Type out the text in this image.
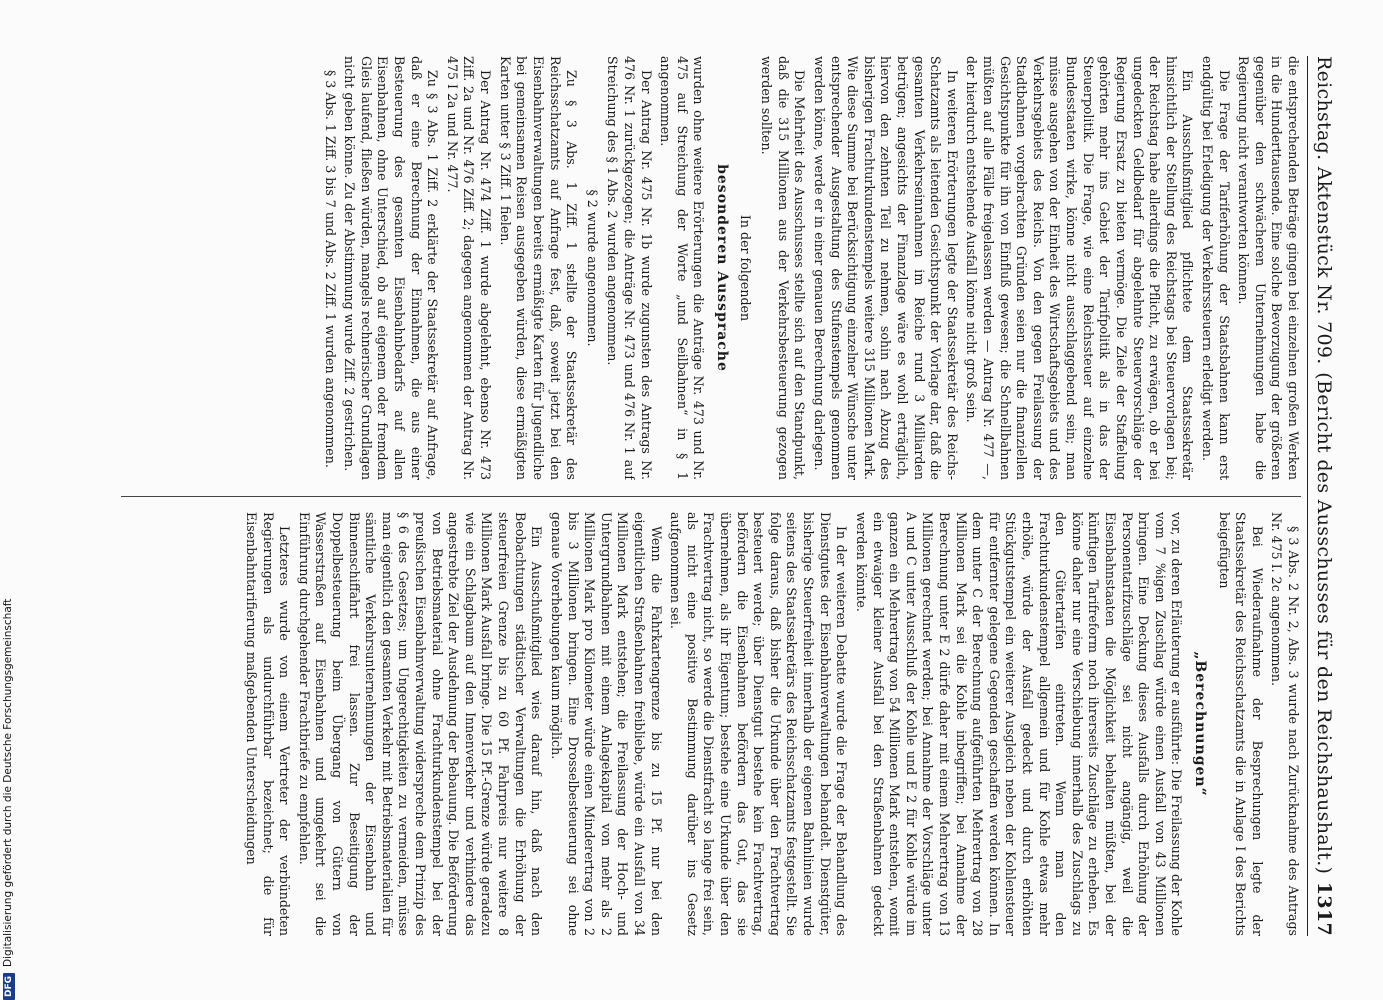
Reichstag. Aktenstück Nr. 709.
(Bericht des Ausschusses für den Reichshaushalt.)
1317

die entsprechenden Beträge gingen bei einzelnen großen Werken in die Hunderttausende. Eine solche Bevorzugung der größeren gegenüber den schwächeren Unternehmungen habe die Regierung nicht verantworten können.

Die Frage der Tariferhöhung der Staatsbahnen kann erst endgültig bei Erledigung der Verkehrssteuern erledigt werden.

Ein Ausschußmitglied pflichtete dem Staatssekretär hinsichtlich der Stellung des Reichstags bei Steuervorlagen bei; der Reichstag habe allerdings die Pflicht, zu erwägen, ob er bei ungedeckten Geldbedarf für abgelehnte Steuervorschläge der Regierung Ersatz zu bieten vermöge. Die Ziele der Staffelung gehörten mehr ins Gebiet der Tarifpolitik als in das der Steuerpolitik. Die Frage, wie eine Reichssteuer auf einzelne Bundesstaaten wirke, könne nicht ausschlaggebend sein; man müsse ausgehen von der Einheit des Wirtschaftsgebiets und des Verkehrsgebiets des Reichs. Von den gegen Freilassung der Stadtbahnen vorgebrachten Gründen seien nur die finanziellen Gesichtspunkte für ihn von Einfluß gewesen; die Schnellbahnen müßten auf alle Fälle freigelassen werden — Antrag Nr. 477 —, der hierdurch entstehende Ausfall könne nicht groß sein.

In weiteren Erörterungen legte der Staatssekretär des Reichs-Schatzamts als leitenden Gesichtspunkt der Vorlage dar, daß die gesamten Verkehrseinnahmen im Reiche rund 3 Milliarden betrügen; angesichts der Finanzlage wäre es wohl erträglich, hiervon den zehnten Teil zu nehmen, sohin nach Abzug des bisherigen Frachturkundenstempels weitere 315 Millionen Mark. Wie diese Summe bei Berücksichtigung einzelner Wünsche unter entsprechender Ausgestaltung des Stufenstempels genommen werden könne, werde er in einer genauen Berechnung darlegen.

Die Mehrheit des Ausschusses stellte sich auf den Standpunkt, daß die 315 Millionen aus der Verkehrsbesteuerung gezogen werden sollten.

In der folgenden

besonderen Aussprache

wurden ohne weitere Erörterungen die Anträge Nr. 473 und Nr. 475 auf Streichung der Worte „und Seilbahnen“ in § 1 angenommen.

Der Antrag Nr. 475 Nr. 1b wurde zugunsten des Antrags Nr. 476 Nr. 1 zurückgezogen; die Anträge Nr. 473 und 476 Nr. 1 auf Streichung des § 1 Abs. 2 wurden angenommen.

§ 2 wurde angenommen.

Zu § 3 Abs. 1 Ziff. 1 stellte der Staatssekretär des Reichsschatzamts auf Anfrage fest, daß, soweit jetzt bei den Eisenbahnverwaltungen bereits ermäßigte Karten für Jugendliche bei gemeinsamen Reisen ausgegeben würden, diese ermäßigten Karten unter § 3 Ziff. 1 fielen.

Der Antrag Nr. 474 Ziff. 1 wurde abgelehnt, ebenso Nr. 473 Ziff. 2a und Nr. 476 Ziff. 2; dagegen angenommen der Antrag Nr. 475 I 2a und Nr. 477.

Zu § 3 Abs. 1 Ziff. 2 erklärte der Staatssekretär auf Anfrage, daß er eine Berechnung der Einnahmen, die aus einer Besteuerung des gesamten Eisenbahnbedarfs auf allen Eisenbahnen, ohne Unterschied, ob auf eigenem oder fremdem Gleis laufend, fließen würden, mangels rechnerischer Grundlagen nicht geben könne. Zu der Abstimmung wurde Ziff. 2 gestrichen.

§ 3 Abs. 1 Ziff. 3 bis 7 und Abs. 2 Ziff. 1 wurden angenommen.

§ 3 Abs. 2 Nr. 2, Abs. 3 wurde nach Zurücknahme des Antrags Nr. 475 I. 2c angenommen.

Bei Wiederaufnahme der Besprechungen legte der Staatssekretär des Reichsschatzamts die in Anlage I des Berichts beigefügten

„Berechnungen“

vor, zu deren Erläuterung er ausführte: Die Freilassung der Kohle vom 7 %igen Zuschlag würde einen Ausfall von 43 Millionen bringen. Eine Deckung dieses Ausfalls durch Erhöhung der Personentarifzuschläge sei nicht angängig, weil die Eisenbahnstaaten die Möglichkeit behalten müßten, bei der künftigen Tarifreform noch ihrerseits Zuschläge zu erheben. Es könne daher nur eine Verschiebung innerhalb des Zuschlags zu den Gütertarifen eintreten. Wenn man den Frachturkundenstempel allgemein und für Kohle etwas mehr erhöhe, würde der Ausfall gedeckt und durch erhöhten Stückgutstempel ein weiterer Ausgleich neben der Kohlensteuer für entfernter gelegene Gegenden geschaffen werden können. In dem unter C der Berechnung aufgeführten Mehrertrag von 28 Millionen Mark sei die Kohle inbegriffen; bei Annahme der Berechnung unter E 2 dürfe daher mit einem Mehrertrag von 13 Millionen gerechnet werden; bei Annahme der Vorschläge unter A und C unter Ausschluß der Kohle und E 2 für Kohle würde im ganzen ein Mehrertrag von 54 Millionen Mark entstehen, womit ein etwaiger kleiner Ausfall bei den Straßenbahnen gedeckt werden könnte.

In der weiteren Debatte wurde die Frage der Behandlung des Dienstgutes der Eisenbahnverwaltungen behandelt. Dienstgüter, bisherige Steuerfreiheit innerhalb der eigenen Bahnlinien wurde seitens des Staatssekretärs des Reichsschatzamts festgestellt. Sie folge daraus, daß bisher die Urkunde über den Frachtvertrag besteuert werde; über Dienstgut bestehe kein Frachtvertrag, befördern die Eisenbahnen befördern das Gut, das sie übernehmen, als ihr Eigentum; bestehe eine Urkunde über den Frachtvertrag nicht, so werde die Dienstfracht so lange frei sein, als nicht eine positive Bestimmung darüber ins Gesetz aufgenommen sei.

Wenn die Fahrkartengrenze bis zu 15 Pf. nur bei den eigentlichen Straßenbahnen freibliebe, würde ein Ausfall von 34 Millionen Mark entstehen; die Freilassung der Hoch- und Untergrundbahnen mit einem Anlagekapital von mehr als 2 Millionen Mark pro Kilometer würde einen Minderertrag von 2 bis 3 Millionen bringen. Eine Drosselbesteuerung sei ohne genaue Vorerhebungen kaum möglich.

Ein Ausschußmitglied wies darauf hin, daß nach den Beobachtungen städtischer Verwaltungen die Erhöhung der steuerfreien Grenze bis zu 60 Pf. Fahrpreis nur weitere 8 Millionen Mark Ausfall bringe. Die 15 Pf.-Grenze würde geradezu wie ein Schlagbaum auf den Innenverkehr und verhindere das angestrebte Ziel der Ausdehnung der Bebauung. Die Beförderung von Betriebsmaterial ohne Frachturkundenstempel bei der preußischen Eisenbahnverwaltung widerspreche dem Prinzip des § 6 des Gesetzes; um Ungerechtigkeiten zu vermeiden, müsse man eigentlich den gesamten Verkehr mit Betriebsmaterialien für sämtliche Verkehrsunternehmungen der Eisenbahn und Binnenschiffahrt frei lassen. Zur Beseitigung der Doppelbesteuerung beim Übergang von Gütern von Wasserstraßen auf Eisenbahnen und umgekehrt sei die Einführung durchgehender Frachtbriefe zu empfehlen.

Letzteres wurde von einem Vertreter der verbündeten Regierungen als undurchführbar bezeichnet; die für Eisenbahntarifierung maßgebenden Unterscheidungen

DFGDigitalisierung gefördert durch die Deutsche Forschungsgemeinschaft
